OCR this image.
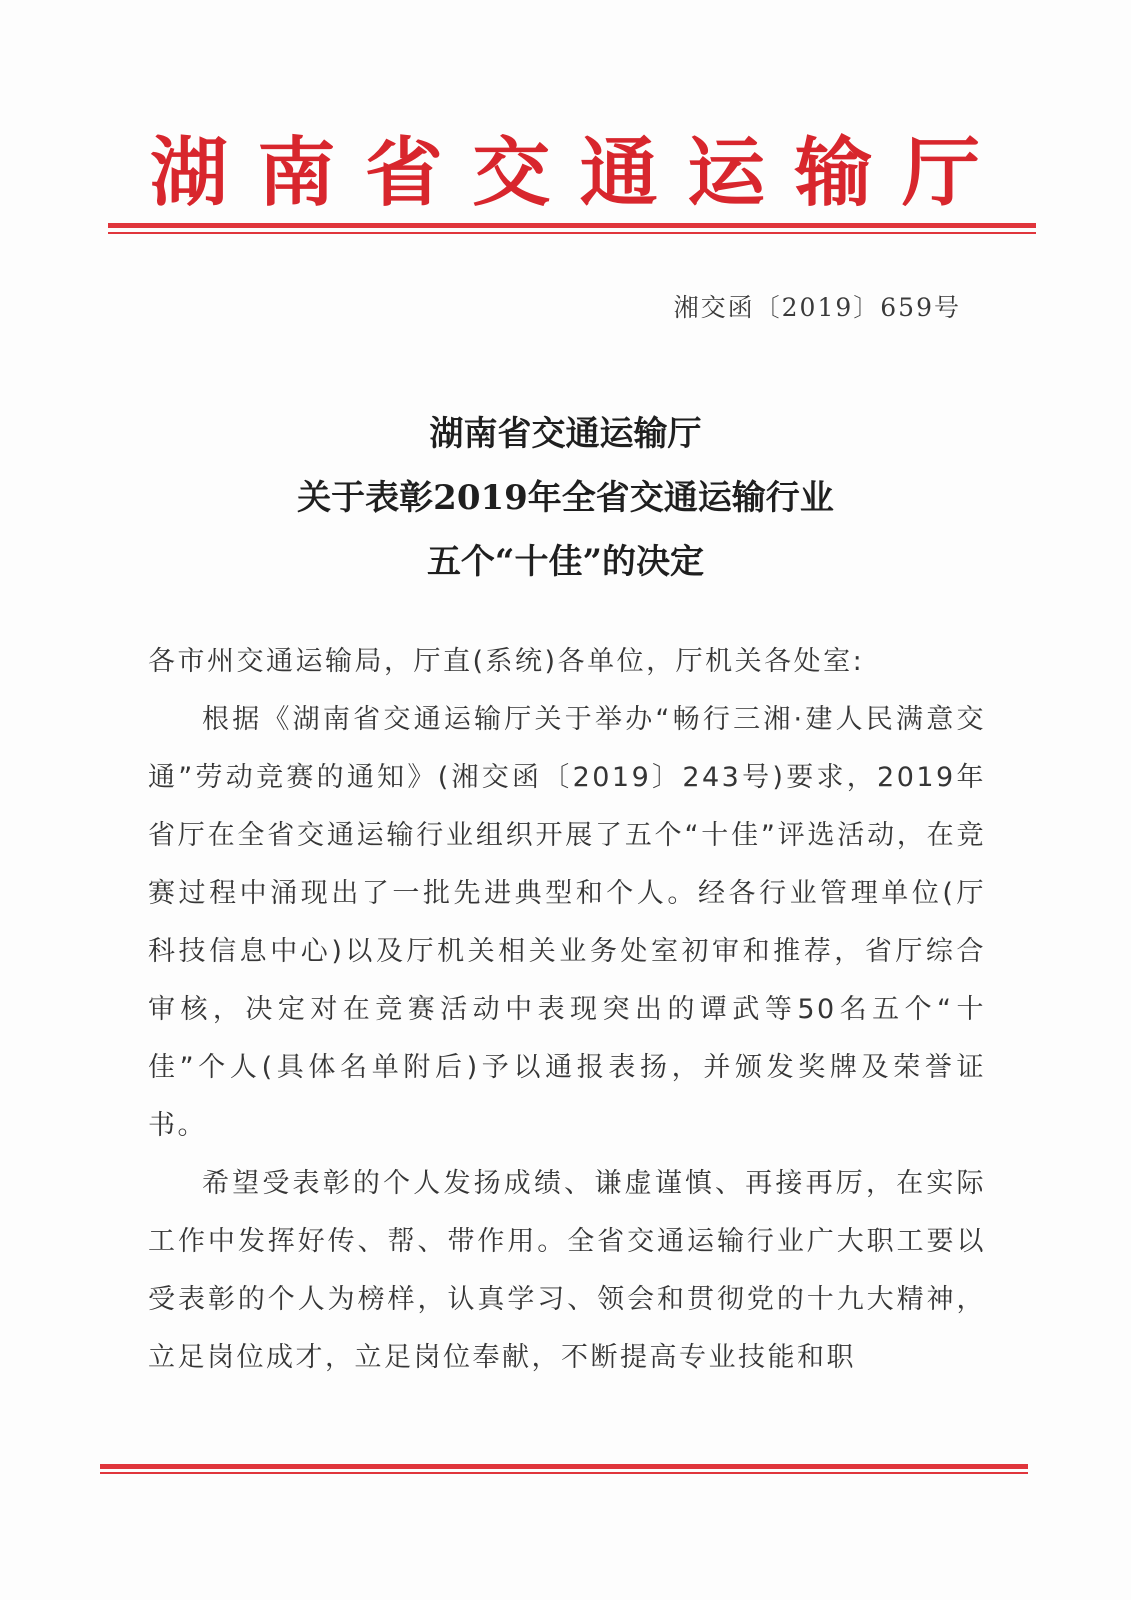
湖 南 省 交 通 运 输 厅
湘交函〔2019〕659号
湖南省交通运输厅
关于表彰2019年全省交通运输行业
五个“十佳”的决定

各市州交通运输局，厅直(系统)各单位，厅机关各处室:

根据《湖南省交通运输厅关于举办“畅行三湘·建人民满意交通”劳动竞赛的通知》(湘交函〔2019〕243号)要求，2019年省厅在全省交通运输行业组织开展了五个“十佳”评选活动，在竞赛过程中涌现出了一批先进典型和个人。经各行业管理单位(厅科技信息中心)以及厅机关相关业务处室初审和推荐，省厅综合审核，决定对在竞赛活动中表现突出的谭武等50名五个“十佳”个人(具体名单附后)予以通报表扬，并颁发奖牌及荣誉证书。

希望受表彰的个人发扬成绩、谦虚谨慎、再接再厉，在实际工作中发挥好传、帮、带作用。全省交通运输行业广大职工要以受表彰的个人为榜样，认真学习、领会和贯彻党的十九大精神，立足岗位成才，立足岗位奉献，不断提高专业技能和职
